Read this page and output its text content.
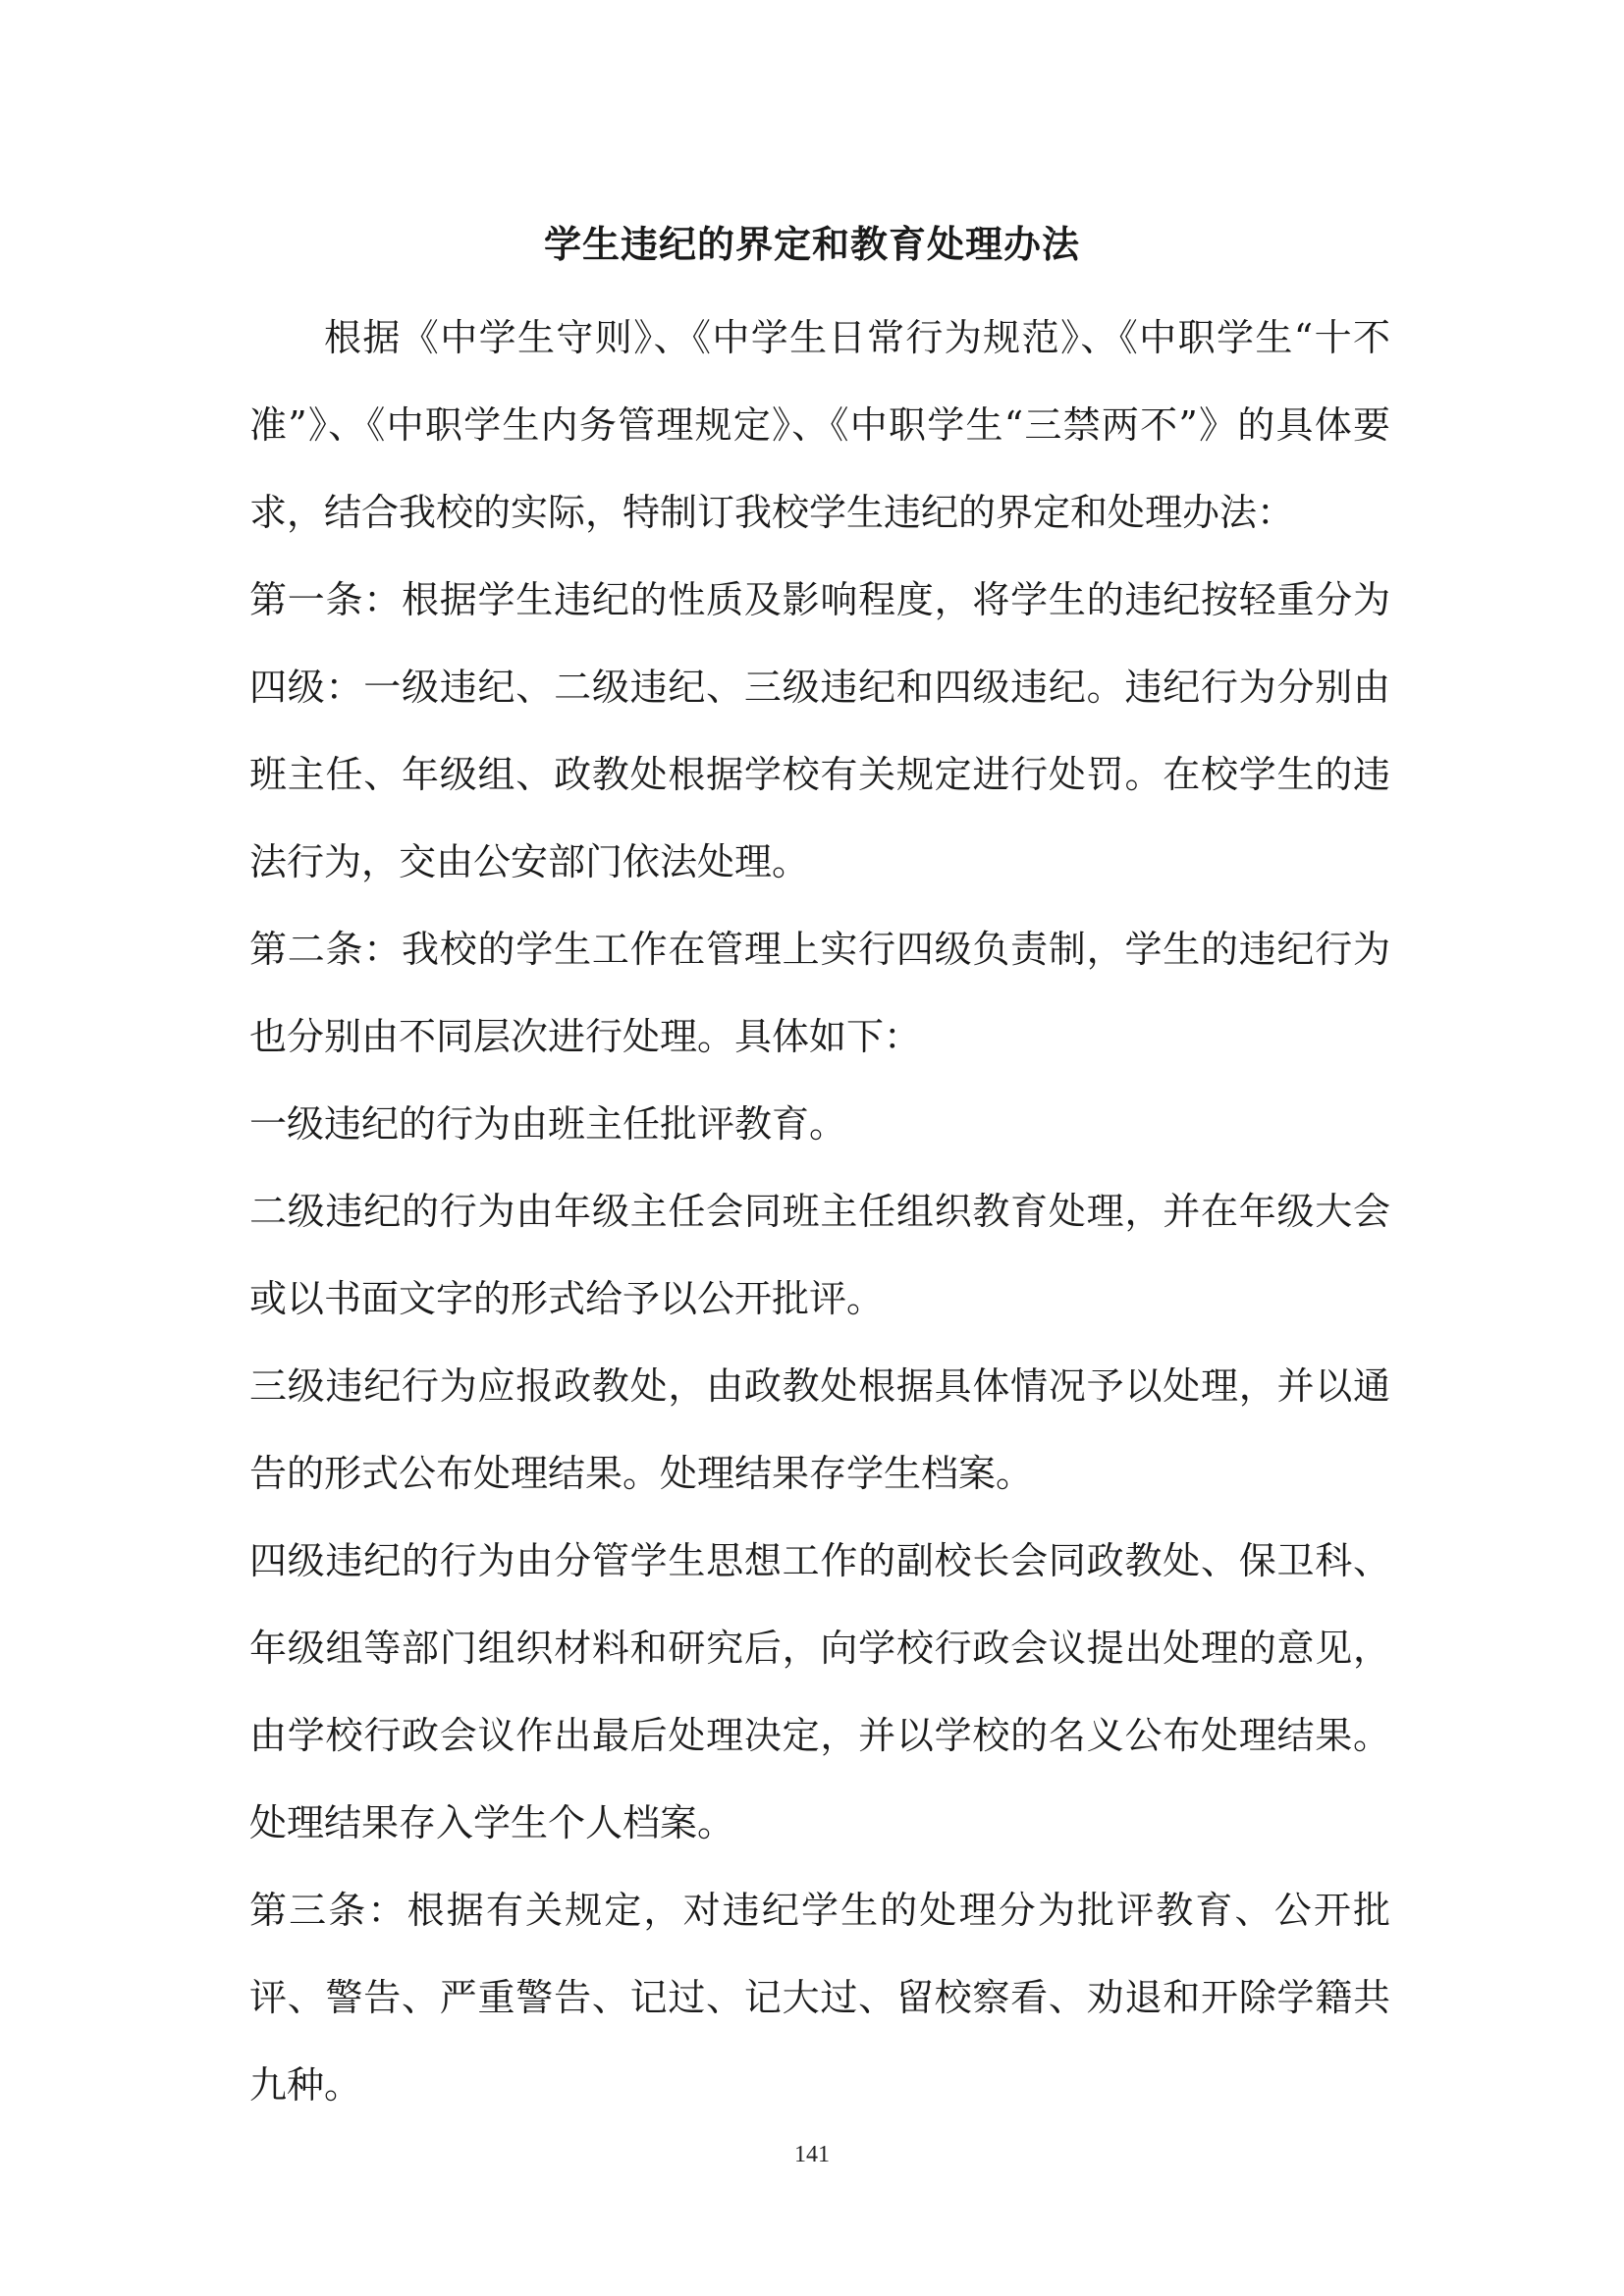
学生违纪的界定和教育处理办法

根据《中学生守则》、《中学生日常行为规范》、《中职学生“十不准”》、《中职学生内务管理规定》、《中职学生“三禁两不”》的具体要求，结合我校的实际，特制订我校学生违纪的界定和处理办法：

第一条：根据学生违纪的性质及影响程度，将学生的违纪按轻重分为四级：一级违纪、二级违纪、三级违纪和四级违纪。违纪行为分别由班主任、年级组、政教处根据学校有关规定进行处罚。在校学生的违法行为，交由公安部门依法处理。

第二条：我校的学生工作在管理上实行四级负责制，学生的违纪行为也分别由不同层次进行处理。具体如下：

一级违纪的行为由班主任批评教育。

二级违纪的行为由年级主任会同班主任组织教育处理，并在年级大会或以书面文字的形式给予以公开批评。

三级违纪行为应报政教处，由政教处根据具体情况予以处理，并以通告的形式公布处理结果。处理结果存学生档案。

四级违纪的行为由分管学生思想工作的副校长会同政教处、保卫科、年级组等部门组织材料和研究后，向学校行政会议提出处理的意见，由学校行政会议作出最后处理决定，并以学校的名义公布处理结果。处理结果存入学生个人档案。

第三条：根据有关规定，对违纪学生的处理分为批评教育、公开批评、警告、严重警告、记过、记大过、留校察看、劝退和开除学籍共九种。

141
